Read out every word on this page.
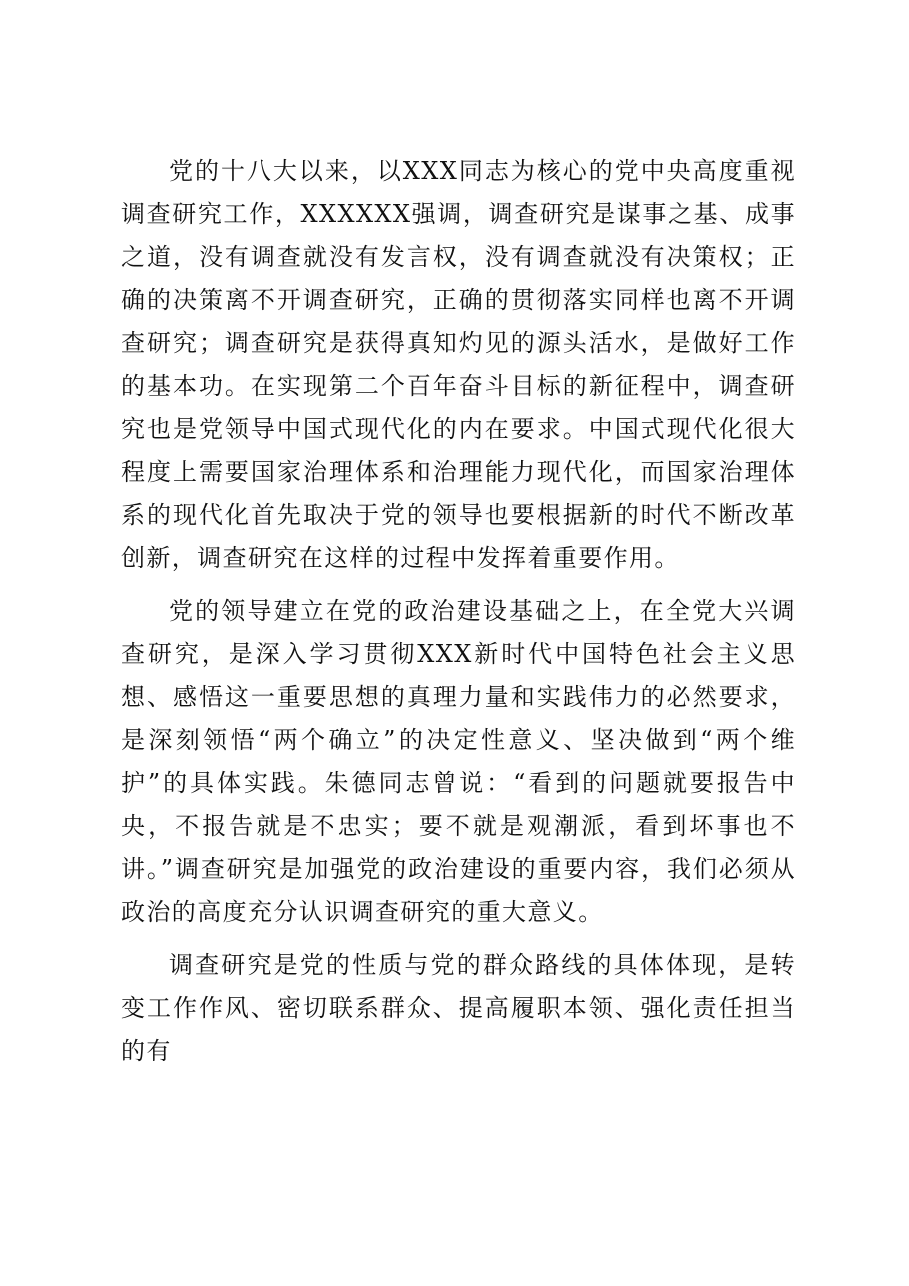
党的十八大以来，以XXX同志为核心的党中央高度重视调查研究工作，XXXXXX强调，调查研究是谋事之基、成事之道，没有调查就没有发言权，没有调查就没有决策权；正确的决策离不开调查研究，正确的贯彻落实同样也离不开调查研究；调查研究是获得真知灼见的源头活水，是做好工作的基本功。在实现第二个百年奋斗目标的新征程中，调查研究也是党领导中国式现代化的内在要求。中国式现代化很大程度上需要国家治理体系和治理能力现代化，而国家治理体系的现代化首先取决于党的领导也要根据新的时代不断改革创新，调查研究在这样的过程中发挥着重要作用。

党的领导建立在党的政治建设基础之上，在全党大兴调查研究，是深入学习贯彻XXX新时代中国特色社会主义思想、感悟这一重要思想的真理力量和实践伟力的必然要求，是深刻领悟“两个确立”的决定性意义、坚决做到“两个维护”的具体实践。朱德同志曾说：“看到的问题就要报告中央，不报告就是不忠实；要不就是观潮派，看到坏事也不讲。”调查研究是加强党的政治建设的重要内容，我们必须从政治的高度充分认识调查研究的重大意义。

调查研究是党的性质与党的群众路线的具体体现，是转变工作作风、密切联系群众、提高履职本领、强化责任担当的有
